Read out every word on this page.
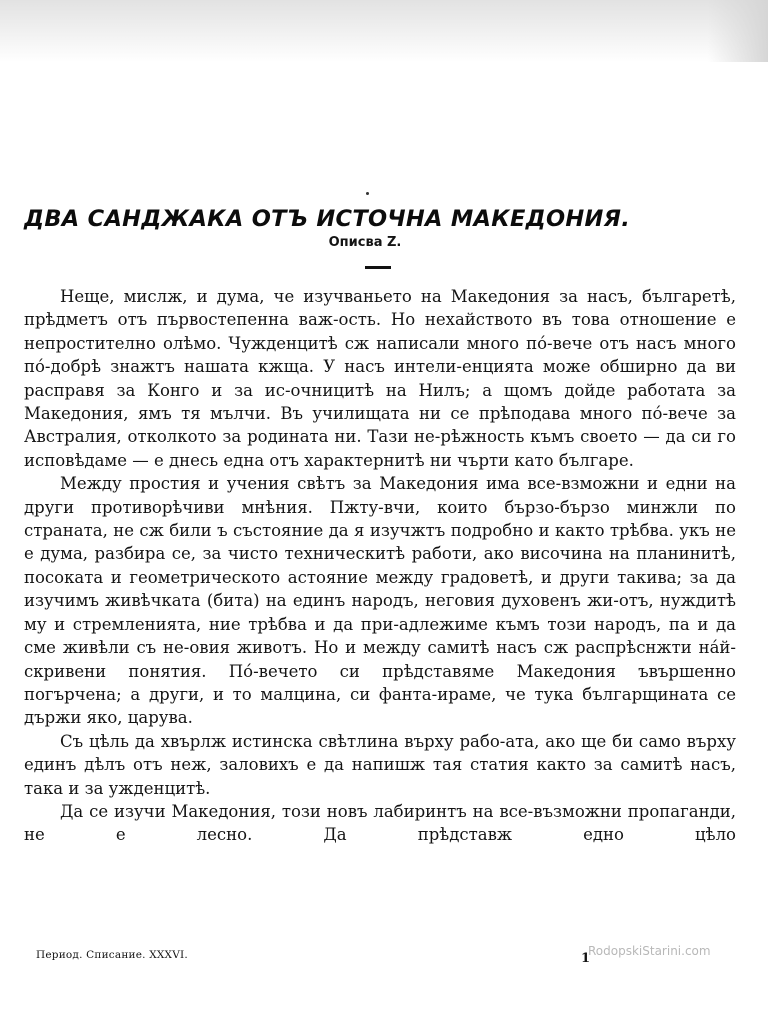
ДВА САНДЖАКА ОТЪ ИСТОЧНА МАКЕДОНИЯ.
Описва Z.

Неще, мислж, и дума, че изучваньето на Македония за насъ, българетѣ, прѣдметъ отъ първостепенна важ-ость. Но нехайството въ това отношение е непростително олѣмо. Чужденцитѣ сж написали много по́-вече отъ насъ многo по́-добрѣ знажтъ нашата кжща. У насъ интели-енцията може обширно да ви расправя за Конго и за ис-очницитѣ на Нилъ; а щомъ дойде работата за Македония, ямъ тя мълчи. Въ училищата ни се прѣподава много по́-вече за Австралия, отколкото за родината ни. Тази не-рѣжность къмъ своето — да си го исповѣдаме — е днесь една отъ характернитѣ ни чърти като българе.

Между простия и учения свѣтъ за Македония има все-взможни и едни на други противорѣчиви мнѣния. Пжту-вчи, които бързо-бързо минжли по страната, не сж били ъ състояние да я изучжтъ подробно и както трѣбва. укъ не е дума, разбира се, за чисто техническитѣ работи, ако височина на планинитѣ, посоката и геометрическото астояние между градоветѣ, и други такива; за да изучимъ живѣчката (бита) на единъ народъ, неговия духовенъ жи-отъ, нуждитѣ му и стремленията, ние трѣбва и да при-адлежиме къмъ този народъ, па и да сме живѣли съ не-овия животъ. Но и между самитѣ насъ сж распрѣснжти на́й-скривени понятия. По́-вечето си прѣдставяме Македония ъвършенно погърчена; а други, и то малцина, си фанта-ираме, че тука българщината се държи яко, царува.

Съ цѣль да хвърлж истинска свѣтлина върху рабо-ата, ако ще би само върху единъ дѣлъ отъ неж, заловихъ е да напишж тая статия както за самитѣ насъ, така и за ужденцитѣ.

Да се изучи Македония, този новъ лабиринтъ на все-възможни пропаганди, не е лесно. Да прѣдставж едно цѣло

Период. Списание. XXXVI.	1
RodopskiStarini.com
